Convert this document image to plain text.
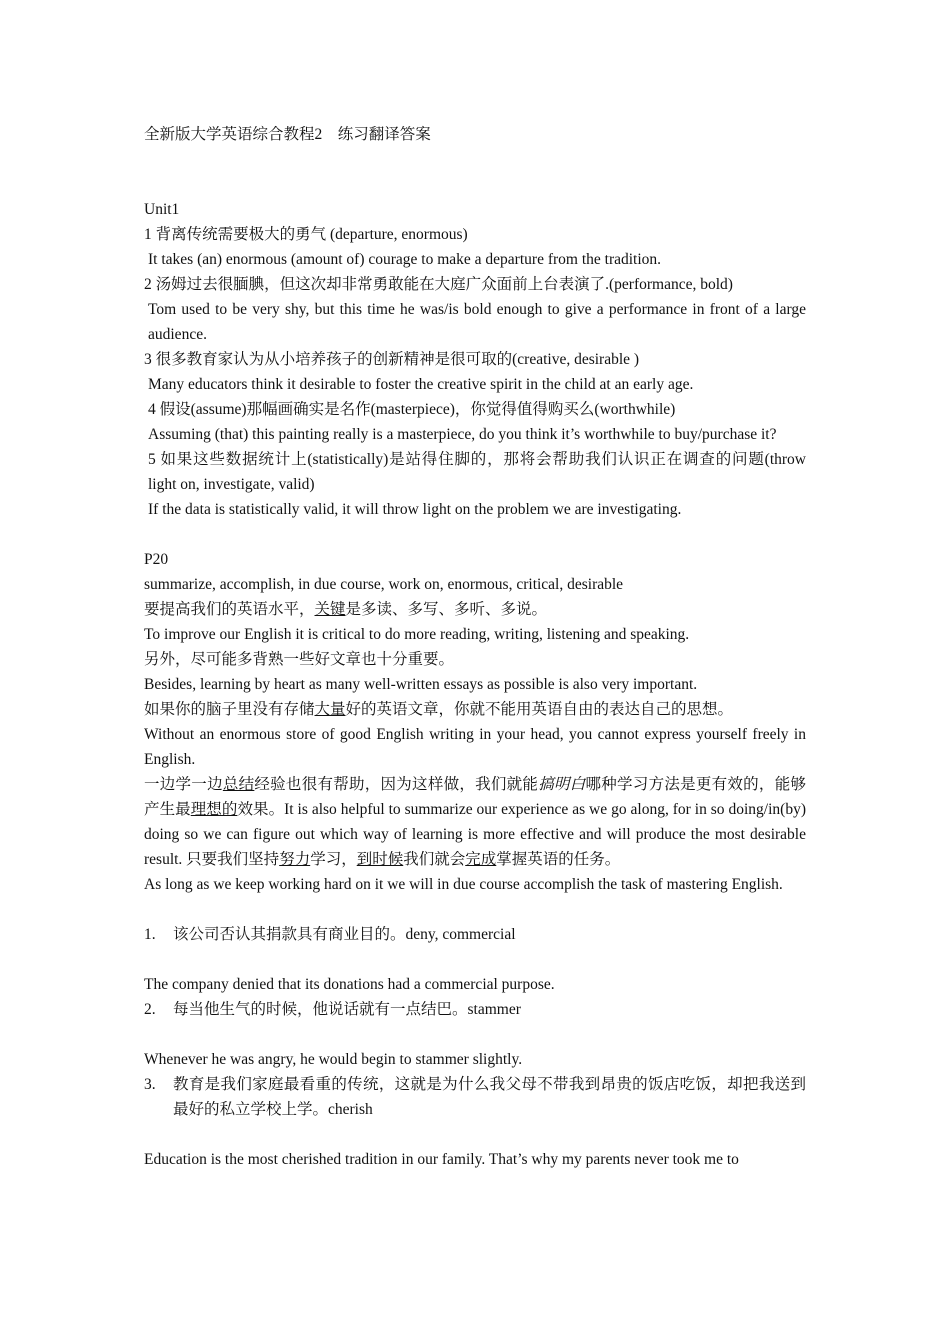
全新版大学英语综合教程2　练习翻译答案

Unit1

1 背离传统需要极大的勇气 (departure, enormous)

It takes (an) enormous (amount of) courage to make a departure from the tradition.

2 汤姆过去很腼腆，但这次却非常勇敢能在大庭广众面前上台表演了.(performance, bold)

Tom used to be very shy, but this time he was/is bold enough to give a performance in front of a large audience.

3 很多教育家认为从小培养孩子的创新精神是很可取的(creative, desirable )

Many educators think it desirable to foster the creative spirit in the child at an early age.

4 假设(assume)那幅画确实是名作(masterpiece)，你觉得值得购买么(worthwhile)

Assuming (that) this painting really is a masterpiece, do you think it’s worthwhile to buy/purchase it?

5 如果这些数据统计上(statistically)是站得住脚的，那将会帮助我们认识正在调查的问题(throw light on, investigate, valid)

If the data is statistically valid, it will throw light on the problem we are investigating.

P20

summarize, accomplish, in due course, work on, enormous, critical, desirable

要提高我们的英语水平，关键是多读、多写、多听、多说。

To improve our English it is critical to do more reading, writing, listening and speaking.

另外，尽可能多背熟一些好文章也十分重要。

Besides, learning by heart as many well-written essays as possible is also very important.

如果你的脑子里没有存储大量好的英语文章，你就不能用英语自由的表达自己的思想。

Without an enormous store of good English writing in your head, you cannot express yourself freely in English.

一边学一边总结经验也很有帮助，因为这样做，我们就能搞明白哪种学习方法是更有效的，能够产生最理想的效果。It is also helpful to summarize our experience as we go along, for in so doing/in(by) doing so we can figure out which way of learning is more effective and will produce the most desirable result. 只要我们坚持努力学习，到时候我们就会完成掌握英语的任务。

As long as we keep working hard on it we will in due course accomplish the task of mastering English.

1. 该公司否认其捐款具有商业目的。deny, commercial

The company denied that its donations had a commercial purpose.

2. 每当他生气的时候，他说话就有一点结巴。stammer

Whenever he was angry, he would begin to stammer slightly.

3. 教育是我们家庭最看重的传统，这就是为什么我父母不带我到昂贵的饭店吃饭，却把我送到最好的私立学校上学。cherish

Education is the most cherished tradition in our family. That’s why my parents never took me to
